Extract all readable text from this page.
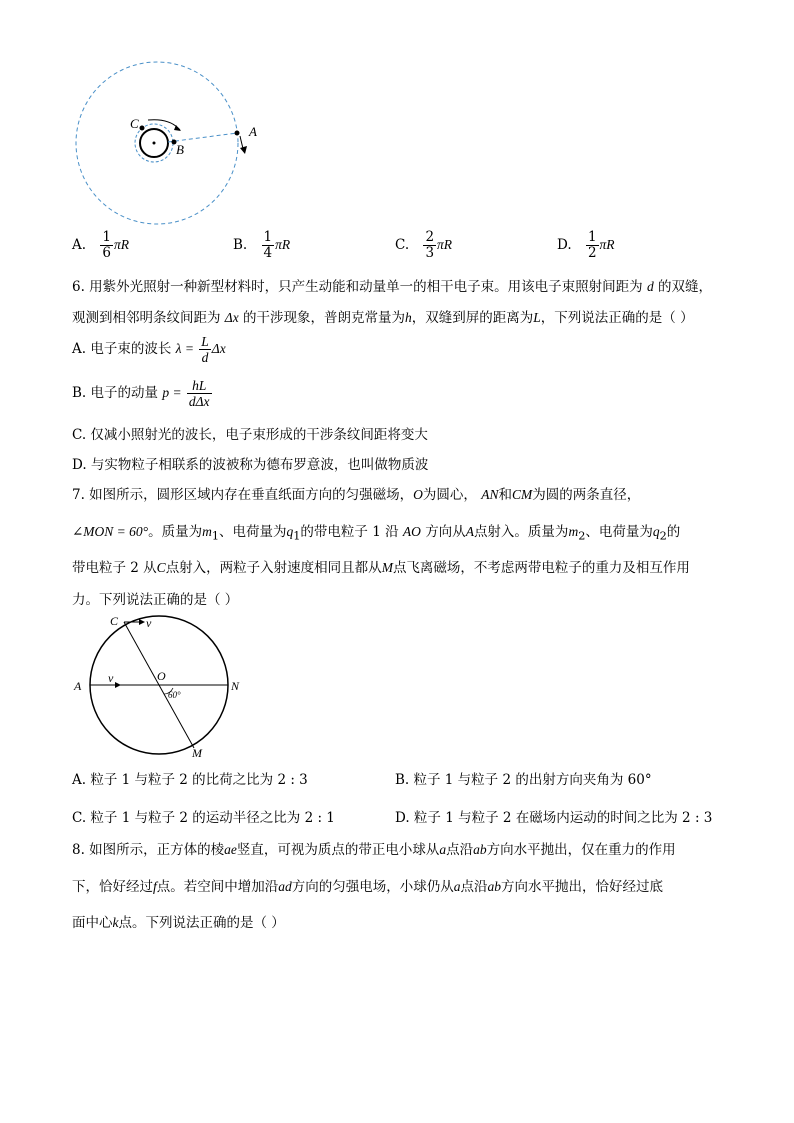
C
B
A
A. $\frac{1}{6}$ πR	B. $\frac{1}{4}$ πR	C. $\frac{2}{3}$ πR	D. $\frac{1}{2}$ πR
6. 用紫外光照射一种新型材料时，只产生动能和动量单一的相干电子束。用该电子束照射间距为 d 的双缝，
观测到相邻明条纹间距为 Δx 的干涉现象，普朗克常量为h，双缝到屏的距离为L，下列说法正确的是（ ）
A. 电子束的波长 $\lambda = \frac{L}{d}$ Δx
B. 电子的动量 $p = \frac{hL}{\text{dΔx}}$
C. 仅减小照射光的波长，电子束形成的干涉条纹间距将变大
D. 与实物粒子相联系的波被称为德布罗意波，也叫做物质波
7. 如图所示，圆形区域内存在垂直纸面方向的匀强磁场，O为圆心， AN和CM为圆的两条直径，
∠MON = 60°。质量为$m_1$、电荷量为$q_1$的带电粒子 1 沿 AO 方向从A点射入。质量为$m_2$、电荷量为$q_2$的
带电粒子 2 从C点射入，两粒子入射速度相同且都从M点飞离磁场，不考虑两带电粒子的重力及相互作用
力。下列说法正确的是（ ）
C v
v	O
A	N
M
60°
A. 粒子 1 与粒子 2 的比荷之比为 2 : 3	B. 粒子 1 与粒子 2 的出射方向夹角为 60°
C. 粒子 1 与粒子 2 的运动半径之比为 2 : 1	D. 粒子 1 与粒子 2 在磁场内运动的时间之比为 2 : 3
8. 如图所示，正方体的棱ae竖直，可视为质点的带正电小球从a点沿ab方向水平抛出，仅在重力的作用
下，恰好经过f点。若空间中增加沿ad方向的匀强电场，小球仍从a点沿ab方向水平抛出，恰好经过底
面中心k点。下列说法正确的是（ ）
